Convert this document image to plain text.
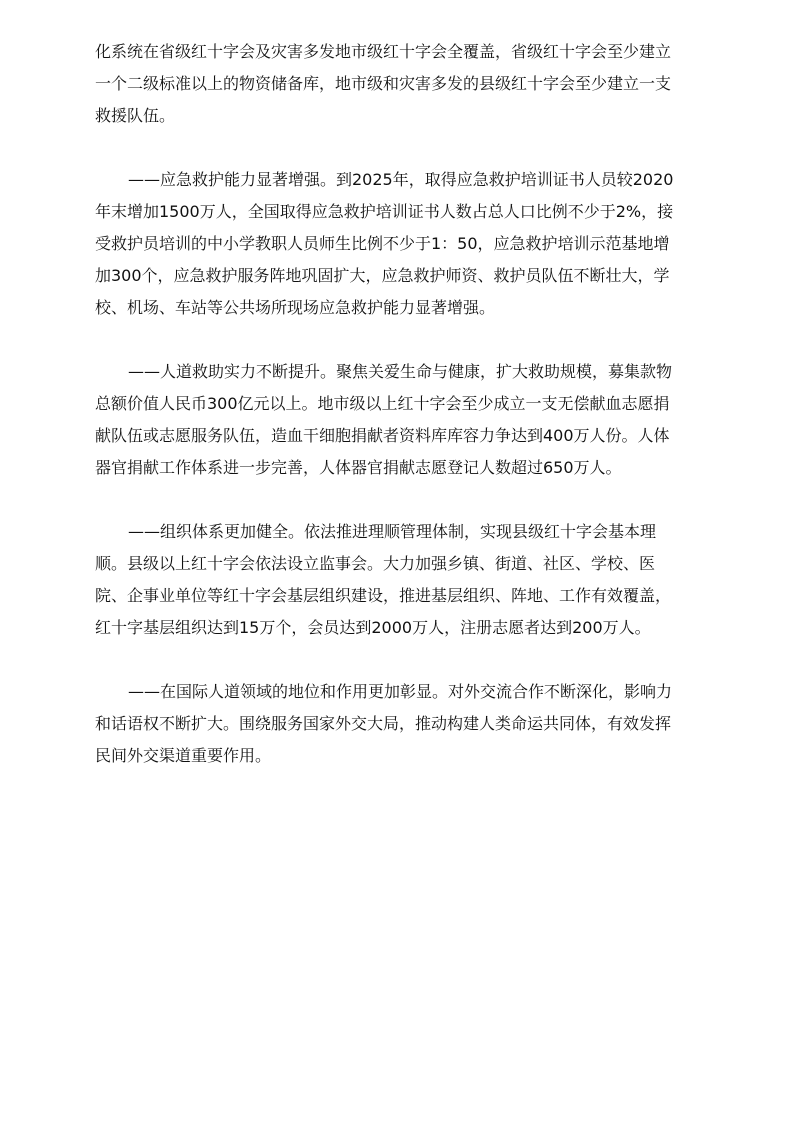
化系统在省级红十字会及灾害多发地市级红十字会全覆盖，省级红十字会至少建立
一个二级标准以上的物资储备库，地市级和灾害多发的县级红十字会至少建立一支
救援队伍。
——应急救护能力显著增强。到2025年，取得应急救护培训证书人员较2020
年末增加1500万人，全国取得应急救护培训证书人数占总人口比例不少于2%，接
受救护员培训的中小学教职人员师生比例不少于1：50，应急救护培训示范基地增
加300个，应急救护服务阵地巩固扩大，应急救护师资、救护员队伍不断壮大，学
校、机场、车站等公共场所现场应急救护能力显著增强。
——人道救助实力不断提升。聚焦关爱生命与健康，扩大救助规模，募集款物
总额价值人民币300亿元以上。地市级以上红十字会至少成立一支无偿献血志愿捐
献队伍或志愿服务队伍，造血干细胞捐献者资料库库容力争达到400万人份。人体
器官捐献工作体系进一步完善，人体器官捐献志愿登记人数超过650万人。
——组织体系更加健全。依法推进理顺管理体制，实现县级红十字会基本理
顺。县级以上红十字会依法设立监事会。大力加强乡镇、街道、社区、学校、医
院、企事业单位等红十字会基层组织建设，推进基层组织、阵地、工作有效覆盖，
红十字基层组织达到15万个，会员达到2000万人，注册志愿者达到200万人。
——在国际人道领域的地位和作用更加彰显。对外交流合作不断深化，影响力
和话语权不断扩大。围绕服务国家外交大局，推动构建人类命运共同体，有效发挥
民间外交渠道重要作用。
